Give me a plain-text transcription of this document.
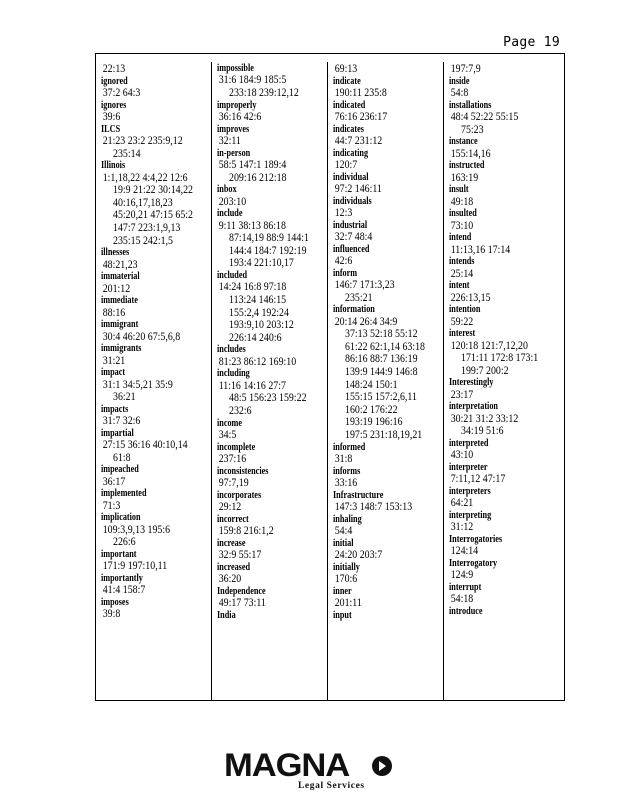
Page 19
22:13
ignored
37:2 64:3
ignores
39:6
ILCS
21:23 23:2 235:9,12
235:14
Illinois
1:1,18,22 4:4,22 12:6
19:9 21:22 30:14,22
40:16,17,18,23
45:20,21 47:15 65:2
147:7 223:1,9,13
235:15 242:1,5
illnesses
48:21,23
immaterial
201:12
immediate
88:16
immigrant
30:4 46:20 67:5,6,8
immigrants
31:21
impact
31:1 34:5,21 35:9
36:21
impacts
31:7 32:6
impartial
27:15 36:16 40:10,14
61:8
impeached
36:17
implemented
71:3
implication
109:3,9,13 195:6
226:6
important
171:9 197:10,11
importantly
41:4 158:7
imposes
39:8
impossible
31:6 184:9 185:5
233:18 239:12,12
improperly
36:16 42:6
improves
32:11
in-person
58:5 147:1 189:4
209:16 212:18
inbox
203:10
include
9:11 38:13 86:18
87:14,19 88:9 144:1
144:4 184:7 192:19
193:4 221:10,17
included
14:24 16:8 97:18
113:24 146:15
155:2,4 192:24
193:9,10 203:12
226:14 240:6
includes
81:23 86:12 169:10
including
11:16 14:16 27:7
48:5 156:23 159:22
232:6
income
34:5
incomplete
237:16
inconsistencies
97:7,19
incorporates
29:12
incorrect
159:8 216:1,2
increase
32:9 55:17
increased
36:20
Independence
49:17 73:11
India
69:13
indicate
190:11 235:8
indicated
76:16 236:17
indicates
44:7 231:12
indicating
120:7
individual
97:2 146:11
individuals
12:3
industrial
32:7 48:4
influenced
42:6
inform
146:7 171:3,23
235:21
information
20:14 26:4 34:9
37:13 52:18 55:12
61:22 62:1,14 63:18
86:16 88:7 136:19
139:9 144:9 146:8
148:24 150:1
155:15 157:2,6,11
160:2 176:22
193:19 196:16
197:5 231:18,19,21
informed
31:8
informs
33:16
Infrastructure
147:3 148:7 153:13
inhaling
54:4
initial
24:20 203:7
initially
170:6
inner
201:11
input
197:7,9
inside
54:8
installations
48:4 52:22 55:15
75:23
instance
155:14,16
instructed
163:19
insult
49:18
insulted
73:10
intend
11:13,16 17:14
intends
25:14
intent
226:13,15
intention
59:22
interest
120:18 121:7,12,20
171:11 172:8 173:1
199:7 200:2
Interestingly
23:17
interpretation
30:21 31:2 33:12
34:19 51:6
interpreted
43:10
interpreter
7:11,12 47:17
interpreters
64:21
interpreting
31:12
Interrogatories
124:14
Interrogatory
124:9
interrupt
54:18
introduce
MAGNA
Legal Services
